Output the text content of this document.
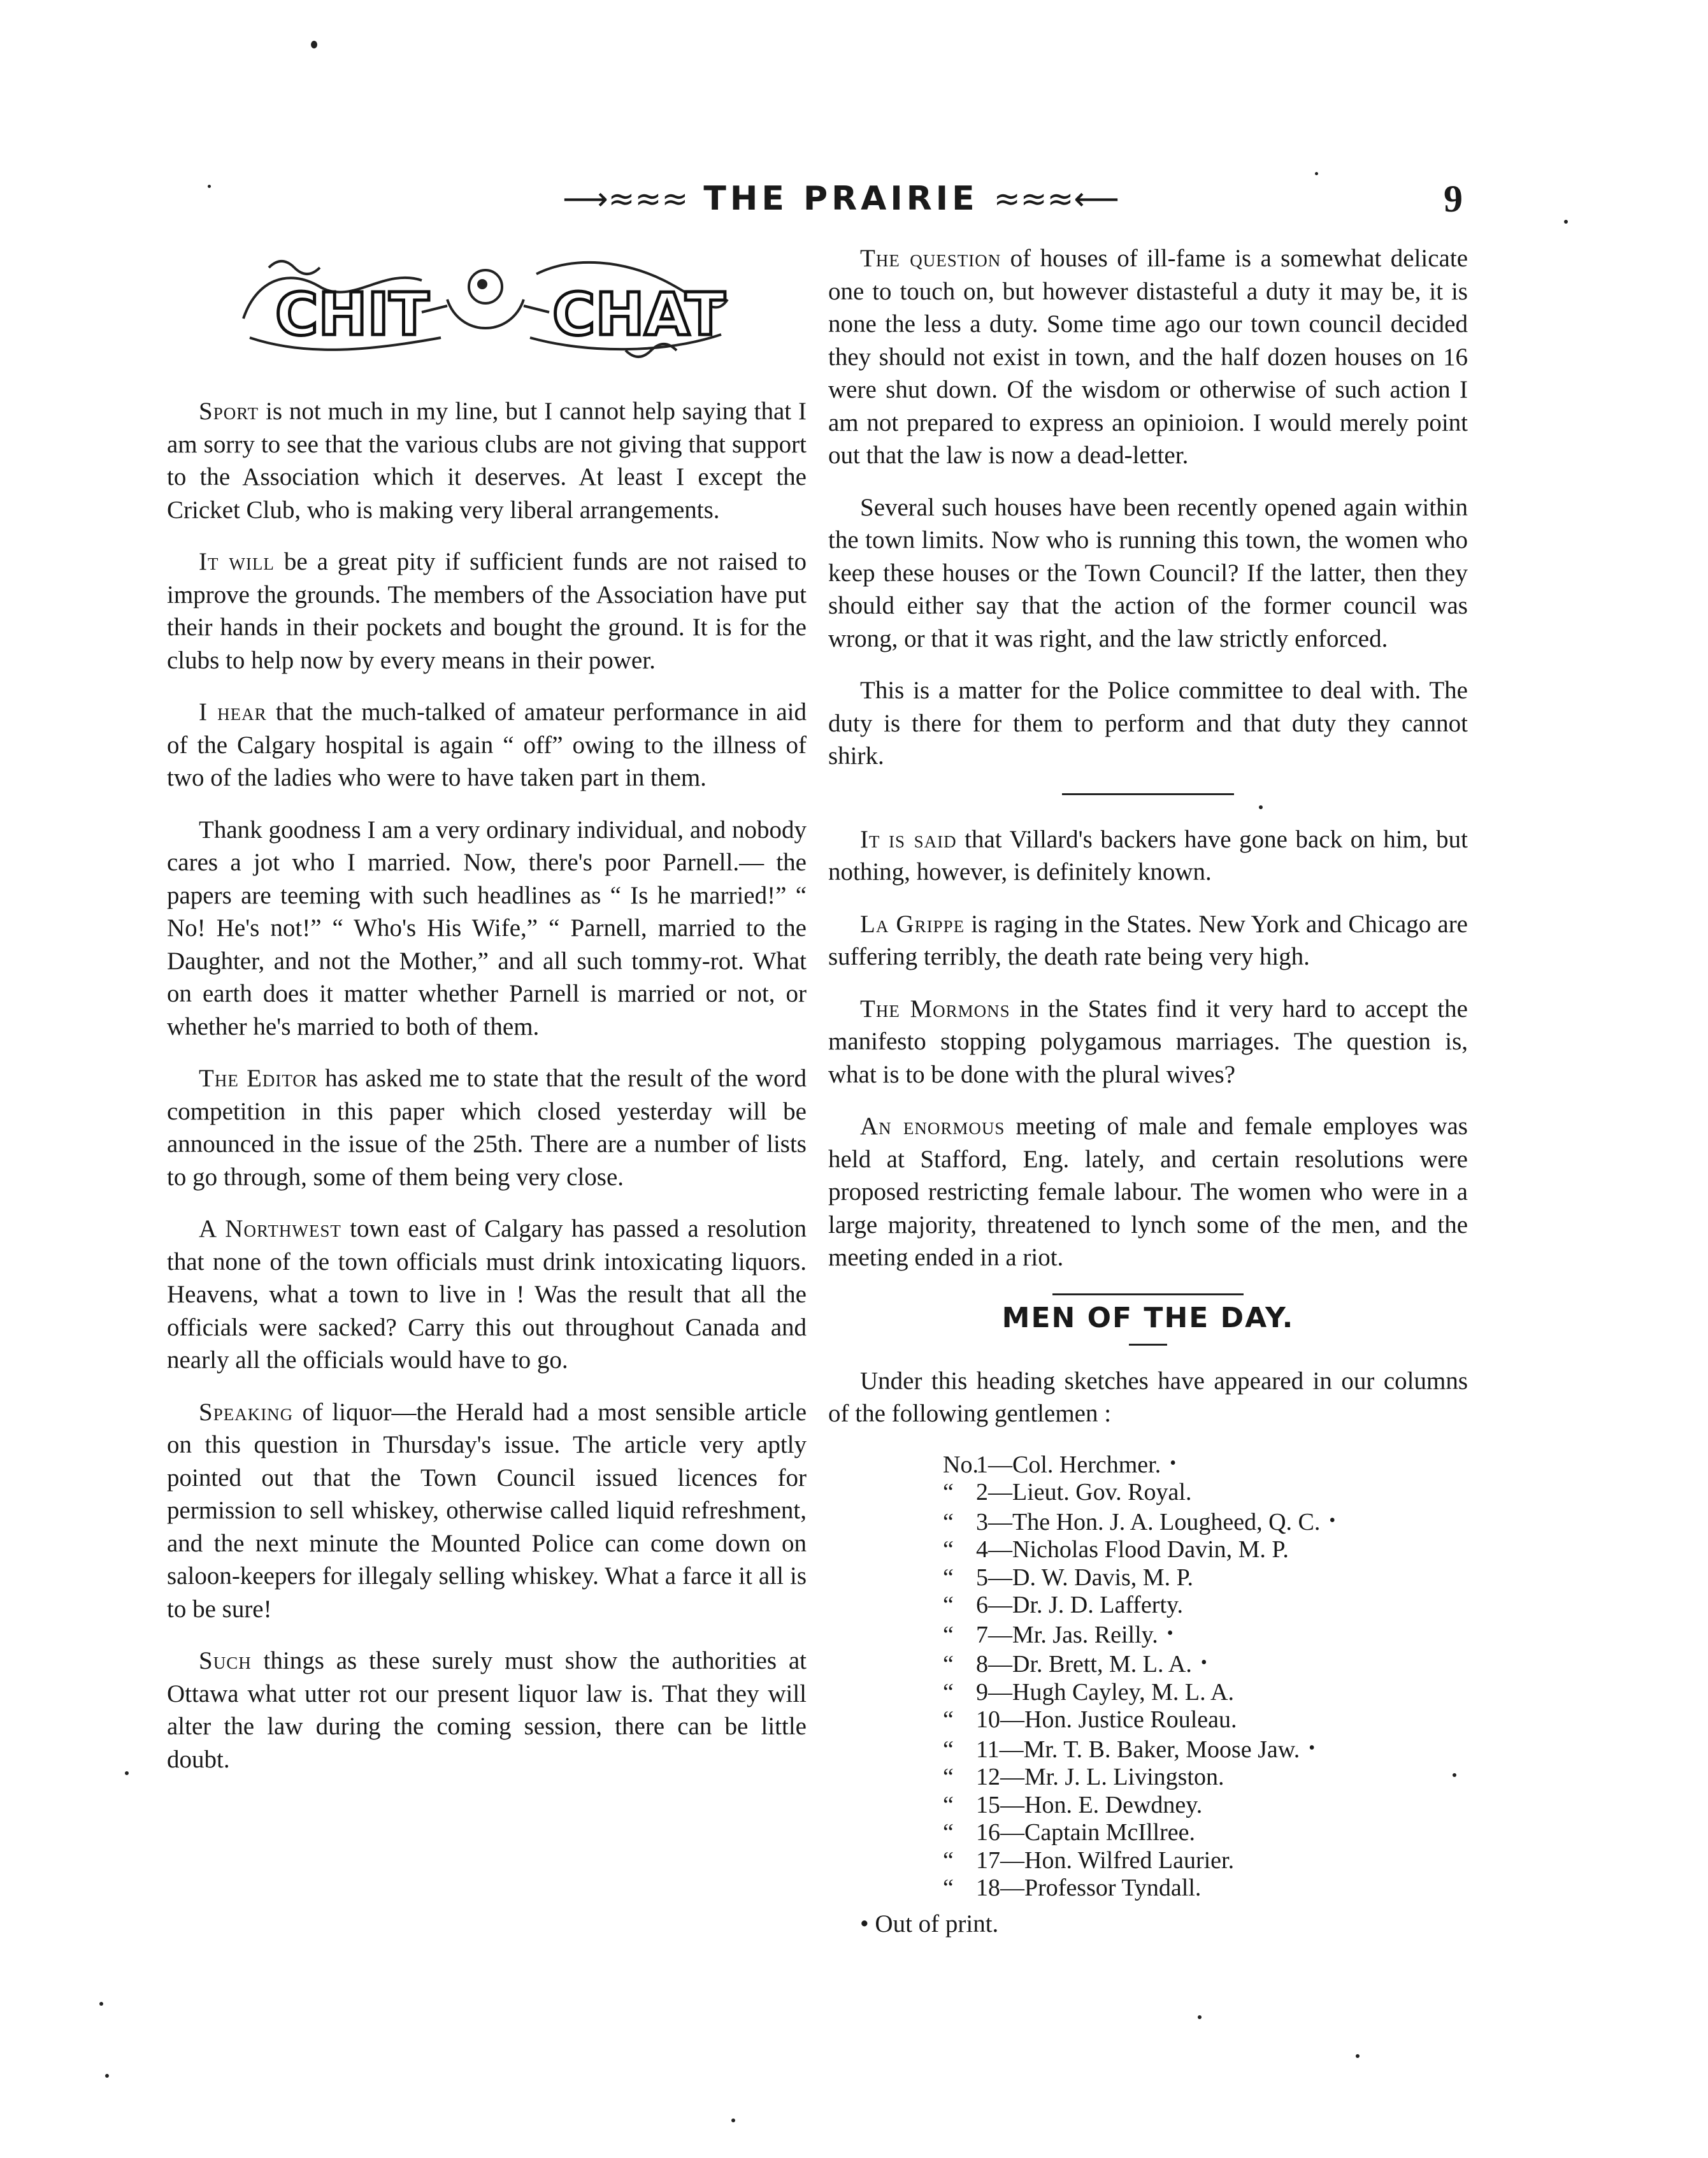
⟶≈≈≈ THE PRAIRIE ≈≈≈⟵	9
CHIT CHAT

Sport is not much in my line, but I cannot help saying that I am sorry to see that the various clubs are not giving that support to the Association which it deserves. At least I except the Cricket Club, who is making very liberal arrangements.

It will be a great pity if sufficient funds are not raised to improve the grounds. The members of the Association have put their hands in their pockets and bought the ground. It is for the clubs to help now by every means in their power.

I hear that the much-talked of amateur performance in aid of the Calgary hospital is again “ off” owing to the illness of two of the ladies who were to have taken part in them.

Thank goodness I am a very ordinary individual, and nobody cares a jot who I married. Now, there's poor Parnell.— the papers are teeming with such headlines as “ Is he married!” “ No! He's not!” “ Who's His Wife,” “ Parnell, married to the Daughter, and not the Mother,” and all such tommy-rot. What on earth does it matter whether Parnell is married or not, or whether he's married to both of them.

The Editor has asked me to state that the result of the word competition in this paper which closed yesterday will be announced in the issue of the 25th. There are a number of lists to go through, some of them being very close.

A Northwest town east of Calgary has passed a resolution that none of the town officials must drink intoxicating liquors. Heavens, what a town to live in ! Was the result that all the officials were sacked? Carry this out throughout Canada and nearly all the officials would have to go.

Speaking of liquor—the Herald had a most sensible article on this question in Thursday's issue. The article very aptly pointed out that the Town Council issued licences for permission to sell whiskey, otherwise called liquid refreshment, and the next minute the Mounted Police can come down on saloon-keepers for illegaly selling whiskey. What a farce it all is to be sure!

Such things as these surely must show the authorities at Ottawa what utter rot our present liquor law is. That they will alter the law during the coming session, there can be little doubt.

The question of houses of ill-fame is a somewhat delicate one to touch on, but however distasteful a duty it may be, it is none the less a duty. Some time ago our town council decided they should not exist in town, and the half dozen houses on 16 were shut down. Of the wisdom or otherwise of such action I am not prepared to express an opinioion. I would merely point out that the law is now a dead-letter.

Several such houses have been recently opened again within the town limits. Now who is running this town, the women who keep these houses or the Town Council? If the latter, then they should either say that the action of the former council was wrong, or that it was right, and the law strictly enforced.

This is a matter for the Police committee to deal with. The duty is there for them to perform and that duty they cannot shirk.

It is said that Villard's backers have gone back on him, but nothing, however, is definitely known.

La Grippe is raging in the States. New York and Chicago are suffering terribly, the death rate being very high.

The Mormons in the States find it very hard to accept the manifesto stopping polygamous marriages. The question is, what is to be done with the plural wives?

An enormous meeting of male and female employes was held at Stafford, Eng. lately, and certain resolutions were proposed restricting female labour. The women who were in a large majority, threatened to lynch some of the men, and the meeting ended in a riot.

MEN OF THE DAY.

Under this heading sketches have appeared in our columns of the following gentlemen :

No.1—Col. Herchmer. •
“ 2—Lieut. Gov. Royal.
“ 3—The Hon. J. A. Lougheed, Q. C. •
“ 4—Nicholas Flood Davin, M. P.
“ 5—D. W. Davis, M. P.
“ 6—Dr. J. D. Lafferty.
“ 7—Mr. Jas. Reilly. •
“ 8—Dr. Brett, M. L. A. •
“ 9—Hugh Cayley, M. L. A.
“ 10—Hon. Justice Rouleau.
“ 11—Mr. T. B. Baker, Moose Jaw. •
“ 12—Mr. J. L. Livingston.
“ 15—Hon. E. Dewdney.
“ 16—Captain McIllree.
“ 17—Hon. Wilfred Laurier.
“ 18—Professor Tyndall.
• Out of print.
